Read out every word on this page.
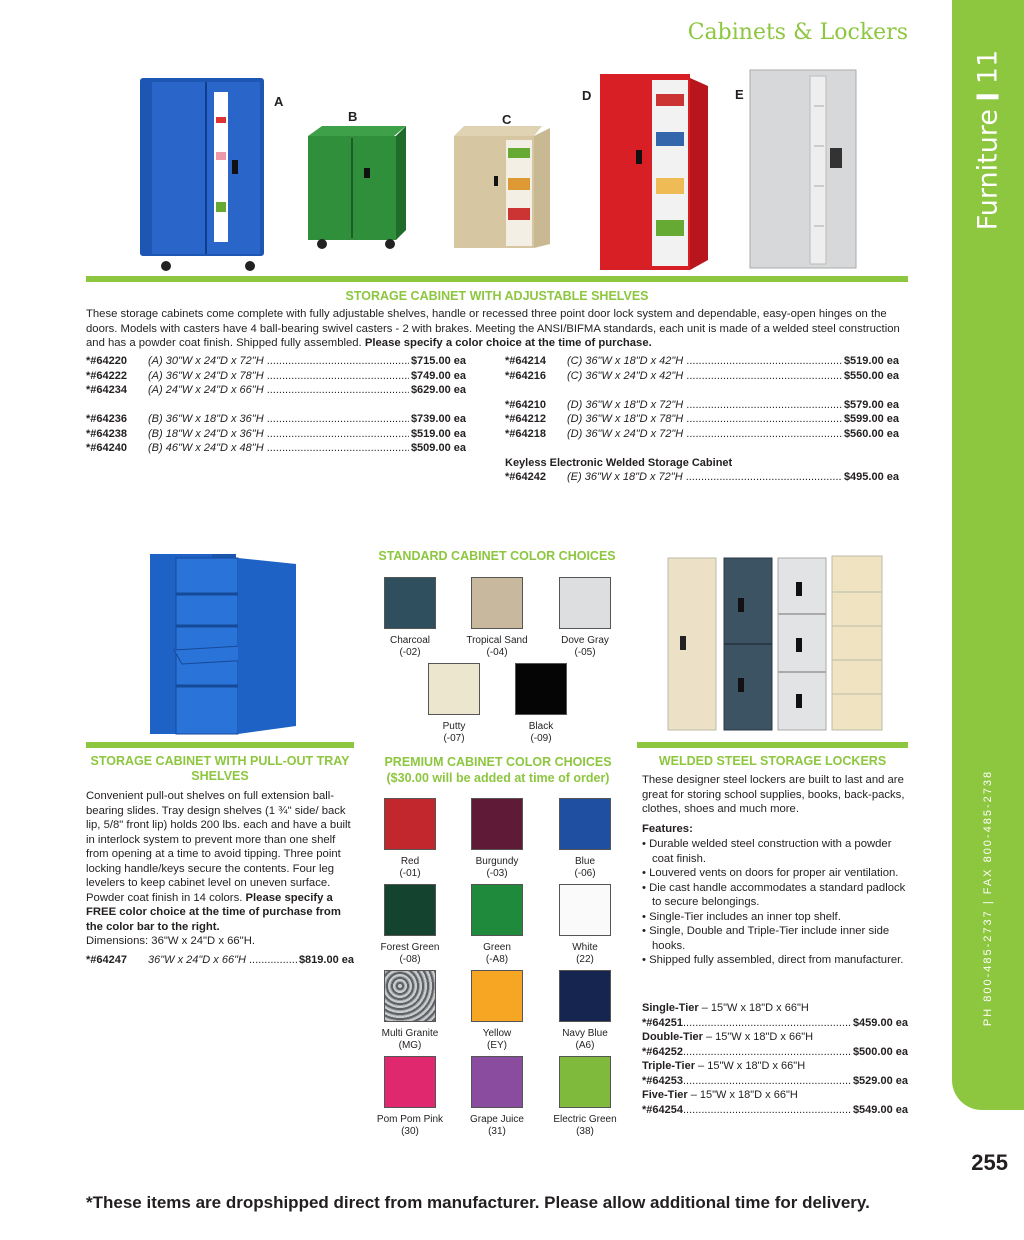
Furniture11
PH 800-485-2737 | FAX 800-485-2738
Cabinets & Lockers
A
B	C
D	E
STORAGE CABINET WITH ADJUSTABLE SHELVES
These storage cabinets come complete with fully adjustable shelves, handle or recessed three point door lock system and dependable, easy-open hinges on the doors. Models with casters have 4 ball-bearing swivel casters - 2 with brakes. Meeting the ANSI/BIFMA standards, each unit is made of a welded steel construction and has a powder coat finish. Shipped fully assembled. Please specify a color choice at the time of purchase.
*#64220	(A) 30"W x 24"D x 72"H .....	$715.00 ea
*#64222	(A) 36"W x 24"D x 78"H .....	$749.00 ea
*#64234	(A) 24"W x 24"D x 66"H .....	$629.00 ea
*#64236	(B) 36"W x 18"D x 36"H .....	$739.00 ea
*#64238	(B) 18"W x 24"D x 36"H .....	$519.00 ea
*#64240	(B) 46"W x 24"D x 48"H .....	$509.00 ea
*#64214	(C) 36"W x 18"D x 42"H .....	$519.00 ea
*#64216	(C) 36"W x 24"D x 42"H .....	$550.00 ea
*#64210	(D) 36"W x 18"D x 72"H .....	$579.00 ea
*#64212	(D) 36"W x 18"D x 78"H .....	$599.00 ea
*#64218	(D) 36"W x 24"D x 72"H .....	$560.00 ea
Keyless Electronic Welded Storage Cabinet
*#64242	(E) 36"W x 18"D x 72"H .....	$495.00 ea
STORAGE CABINET WITH PULL-OUT TRAY SHELVES
Convenient pull-out shelves on full extension ball-bearing slides. Tray design shelves (1 ¾" side/ back lip, 5/8" front lip) holds 200 lbs. each and have a built in interlock system to prevent more than one shelf from opening at a time to avoid tipping. Three point locking handle/keys secure the contents. Four leg levelers to keep cabinet level on uneven surface. Powder coat finish in 14 colors. Please specify a FREE color choice at the time of purchase from the color bar to the right.
Dimensions: 36"W x 24"D x 66"H.
*#64247	36"W x 24"D x 66"H .....	$819.00 ea
STANDARD CABINET COLOR CHOICES
Charcoal
(-02)
Tropical Sand
(-04)
Dove Gray
(-05)
Putty
(-07)
Black
(-09)
PREMIUM CABINET COLOR CHOICES
($30.00 will be added at time of order)
Red
(-01)
Burgundy
(-03)
Blue
(-06)
Forest Green
(-08)
Green
(-A8)
White
(22)
Multi Granite
(MG)
Yellow
(EY)
Navy Blue
(A6)
Pom Pom Pink
(30)
Grape Juice
(31)
Electric Green
(38)
WELDED STEEL STORAGE LOCKERS
These designer steel lockers are built to last and are great for storing school supplies, books, back-packs, clothes, shoes and much more.
Features:
• Durable welded steel construction with a powder coat finish.
• Louvered vents on doors for proper air ventilation.
• Die cast handle accommodates a standard padlock to secure belongings.
• Single-Tier includes an inner top shelf.
• Single, Double and Triple-Tier include inner side hooks.
• Shipped fully assembled, direct from manufacturer.
Single-Tier
– 15"W x 18"D x 66"H
*#64251 .....	$459.00 ea
Double-Tier
– 15"W x 18"D x 66"H
*#64252 .....	$500.00 ea
Triple-Tier
– 15"W x 18"D x 66"H
*#64253 .....	$529.00 ea
Five-Tier
– 15"W x 18"D x 66"H
*#64254 .....	$549.00 ea
255
*These items are dropshipped direct from manufacturer. Please allow additional time for delivery.
